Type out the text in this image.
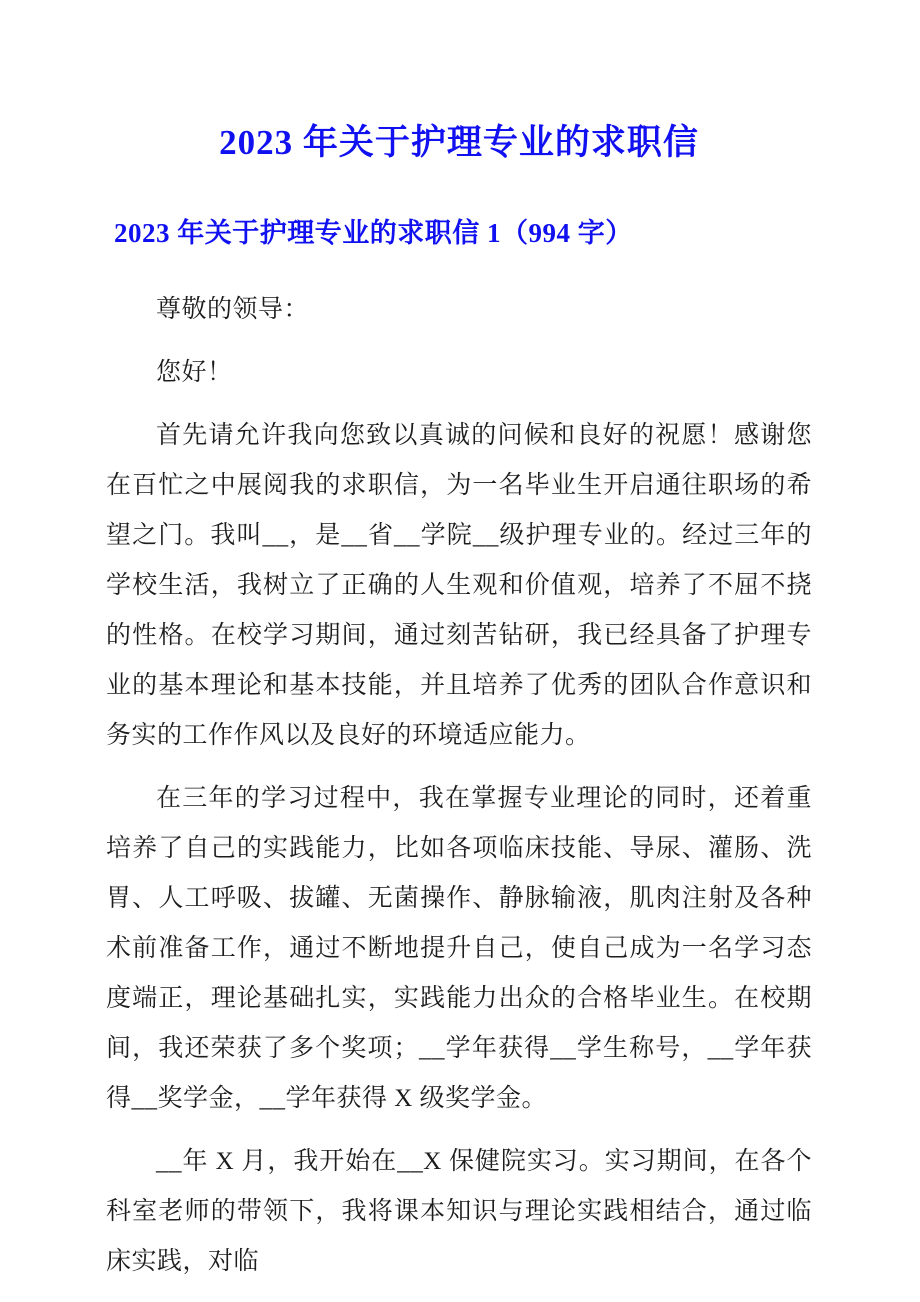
2023 年关于护理专业的求职信
2023 年关于护理专业的求职信 1（994 字）

尊敬的领导：

您好！

首先请允许我向您致以真诚的问候和良好的祝愿！感谢您在百忙之中展阅我的求职信，为一名毕业生开启通往职场的希望之门。我叫__，是__省__学院__级护理专业的。经过三年的学校生活，我树立了正确的人生观和价值观，培养了不屈不挠的性格。在校学习期间，通过刻苦钻研，我已经具备了护理专业的基本理论和基本技能，并且培养了优秀的团队合作意识和务实的工作作风以及良好的环境适应能力。

在三年的学习过程中，我在掌握专业理论的同时，还着重培养了自己的实践能力，比如各项临床技能、导尿、灌肠、洗胃、人工呼吸、拔罐、无菌操作、静脉输液，肌肉注射及各种术前准备工作，通过不断地提升自己，使自己成为一名学习态度端正，理论基础扎实，实践能力出众的合格毕业生。在校期间，我还荣获了多个奖项；__学年获得__学生称号，__学年获得__奖学金，__学年获得 X 级奖学金。

__年 X 月，我开始在__X 保健院实习。实习期间，在各个科室老师的带领下，我将课本知识与理论实践相结合，通过临床实践，对临
